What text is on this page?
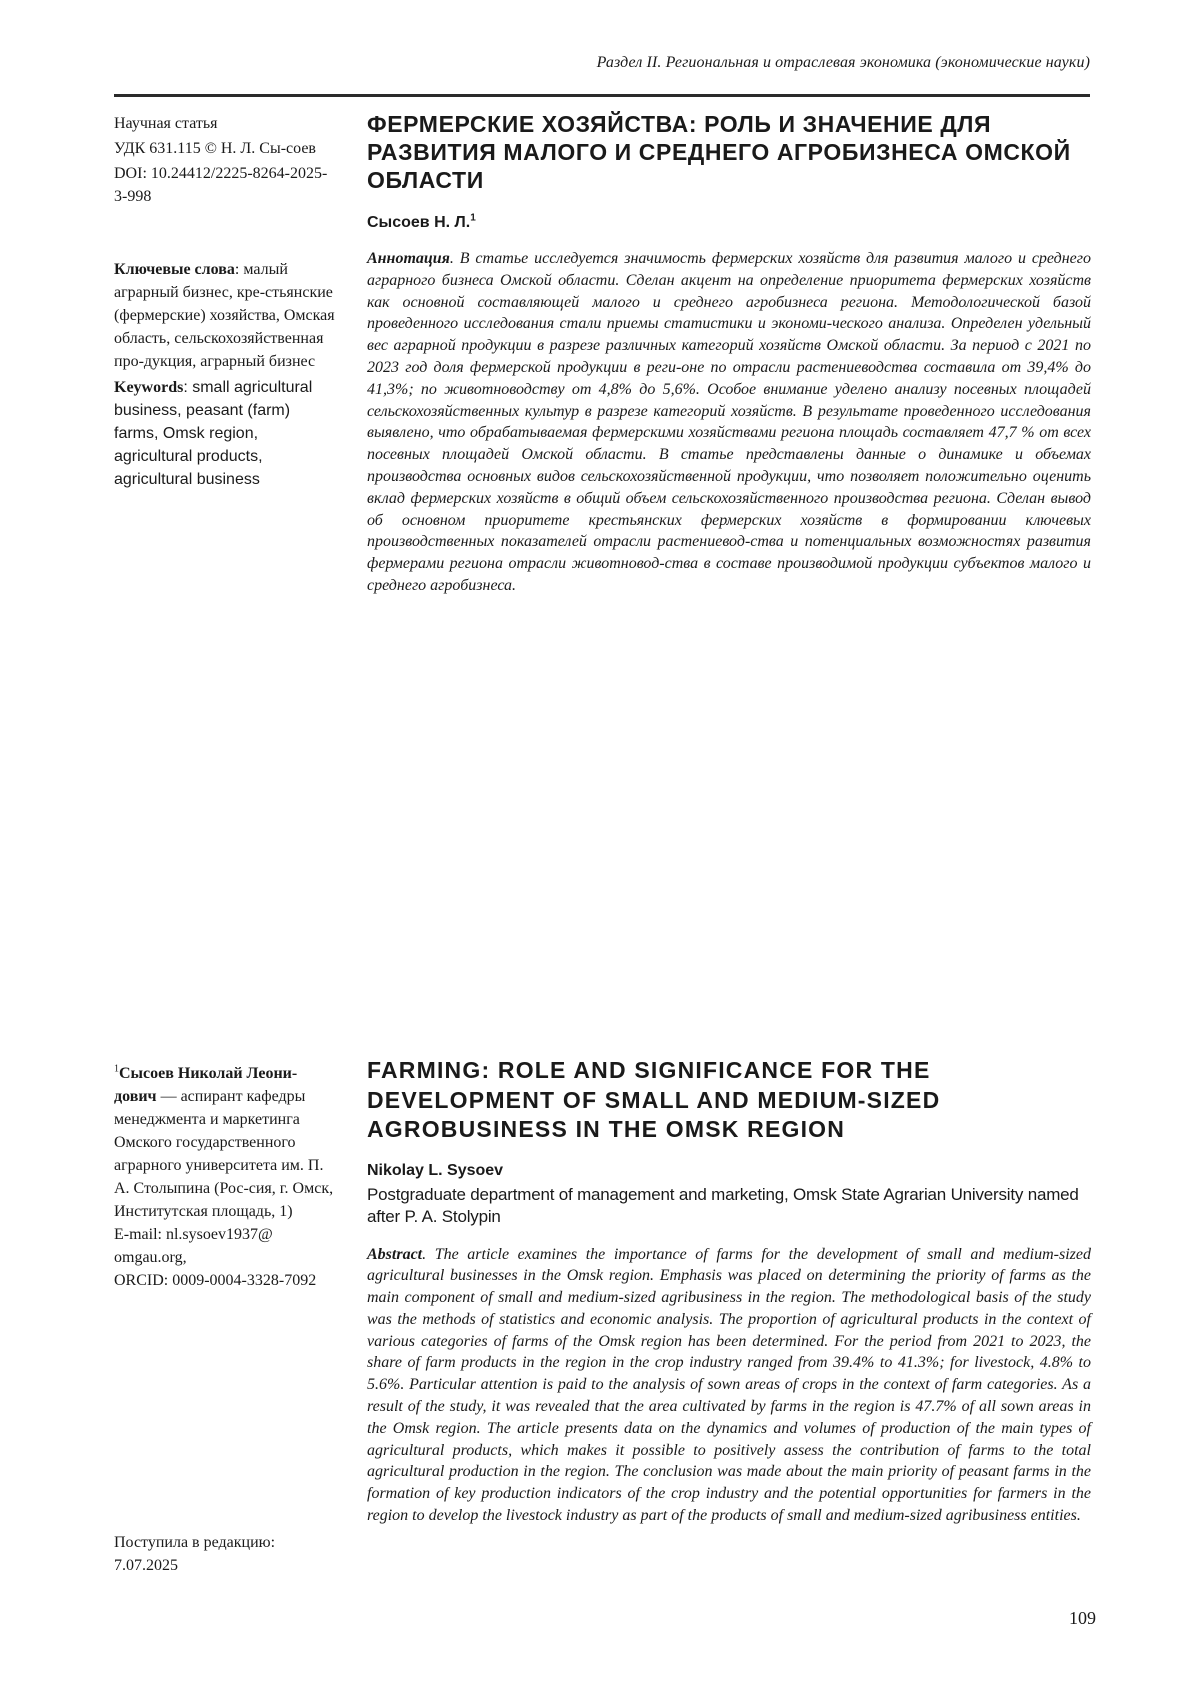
Раздел II. Региональная и отраслевая экономика (экономические науки)

Научная статья

УДК 631.115 © Н. Л. Сы-соев

DOI: 10.24412/2225-8264-2025-3-998

Ключевые слова: малый аграрный бизнес, кре-стьянские (фермерские) хозяйства, Омская область, сельскохозяйственная про-дукция, аграрный бизнес

Keywords: small agricultural business, peasant (farm) farms, Omsk region, agricultural products, agricultural business

ФЕРМЕРСКИЕ ХОЗЯЙСТВА: РОЛЬ И ЗНАЧЕНИЕ ДЛЯ РАЗВИТИЯ МАЛОГО И СРЕДНЕГО АГРОБИЗНЕСА ОМСКОЙ ОБЛАСТИ

Сысоев Н. Л.1

Аннотация. В статье исследуется значимость фермерских хозяйств для развития малого и среднего аграрного бизнеса Омской области. Сделан акцент на определение приоритета фермерских хозяйств как основной составляющей малого и среднего агробизнеса региона. Методологической базой проведенного исследования стали приемы статистики и экономи-ческого анализа. Определен удельный вес аграрной продукции в разрезе различных категорий хозяйств Омской области. За период с 2021 по 2023 год доля фермерской продукции в реги-оне по отрасли растениеводства составила от 39,4% до 41,3%; по животноводству от 4,8% до 5,6%. Особое внимание уделено анализу посевных площадей сельскохозяйственных культур в разрезе категорий хозяйств. В результате проведенного исследования выявлено, что обрабатываемая фермерскими хозяйствами региона площадь составляет 47,7 % от всех посевных площадей Омской области. В статье представлены данные о динамике и объемах производства основных видов сельскохозяйственной продукции, что позволяет положительно оценить вклад фермерских хозяйств в общий объем сельскохозяйственного производства региона. Сделан вывод об основном приоритете крестьянских фермерских хозяйств в формировании ключевых производственных показателей отрасли растениевод-ства и потенциальных возможностях развития фермерами региона отрасли животновод-ства в составе производимой продукции субъектов малого и среднего агробизнеса.

1Сысоев Николай Леони-дович — аспирант кафедры менеджмента и маркетинга Омского государственного аграрного университета им. П. А. Столыпина (Рос-сия, г. Омск, Институтская площадь, 1)

E-mail: nl.sysoev1937@ omgau.org,

ORCID: 0009-0004-3328-7092

FARMING: ROLE AND SIGNIFICANCE FOR THE DEVELOPMENT OF SMALL AND MEDIUM-SIZED AGROBUSINESS IN THE OMSK REGION

Nikolay L. Sysoev

Postgraduate department of management and marketing, Omsk State Agrarian University named after P. A. Stolypin

Abstract. The article examines the importance of farms for the development of small and medium-sized agricultural businesses in the Omsk region. Emphasis was placed on determining the priority of farms as the main component of small and medium-sized agribusiness in the region. The methodological basis of the study was the methods of statistics and economic analysis. The proportion of agricultural products in the context of various categories of farms of the Omsk region has been determined. For the period from 2021 to 2023, the share of farm products in the region in the crop industry ranged from 39.4% to 41.3%; for livestock, 4.8% to 5.6%. Particular attention is paid to the analysis of sown areas of crops in the context of farm categories. As a result of the study, it was revealed that the area cultivated by farms in the region is 47.7% of all sown areas in the Omsk region. The article presents data on the dynamics and volumes of production of the main types of agricultural products, which makes it possible to positively assess the contribution of farms to the total agricultural production in the region. The conclusion was made about the main priority of peasant farms in the formation of key production indicators of the crop industry and the potential opportunities for farmers in the region to develop the livestock industry as part of the products of small and medium-sized agribusiness entities.

Поступила в редакцию:

7.07.2025

109
